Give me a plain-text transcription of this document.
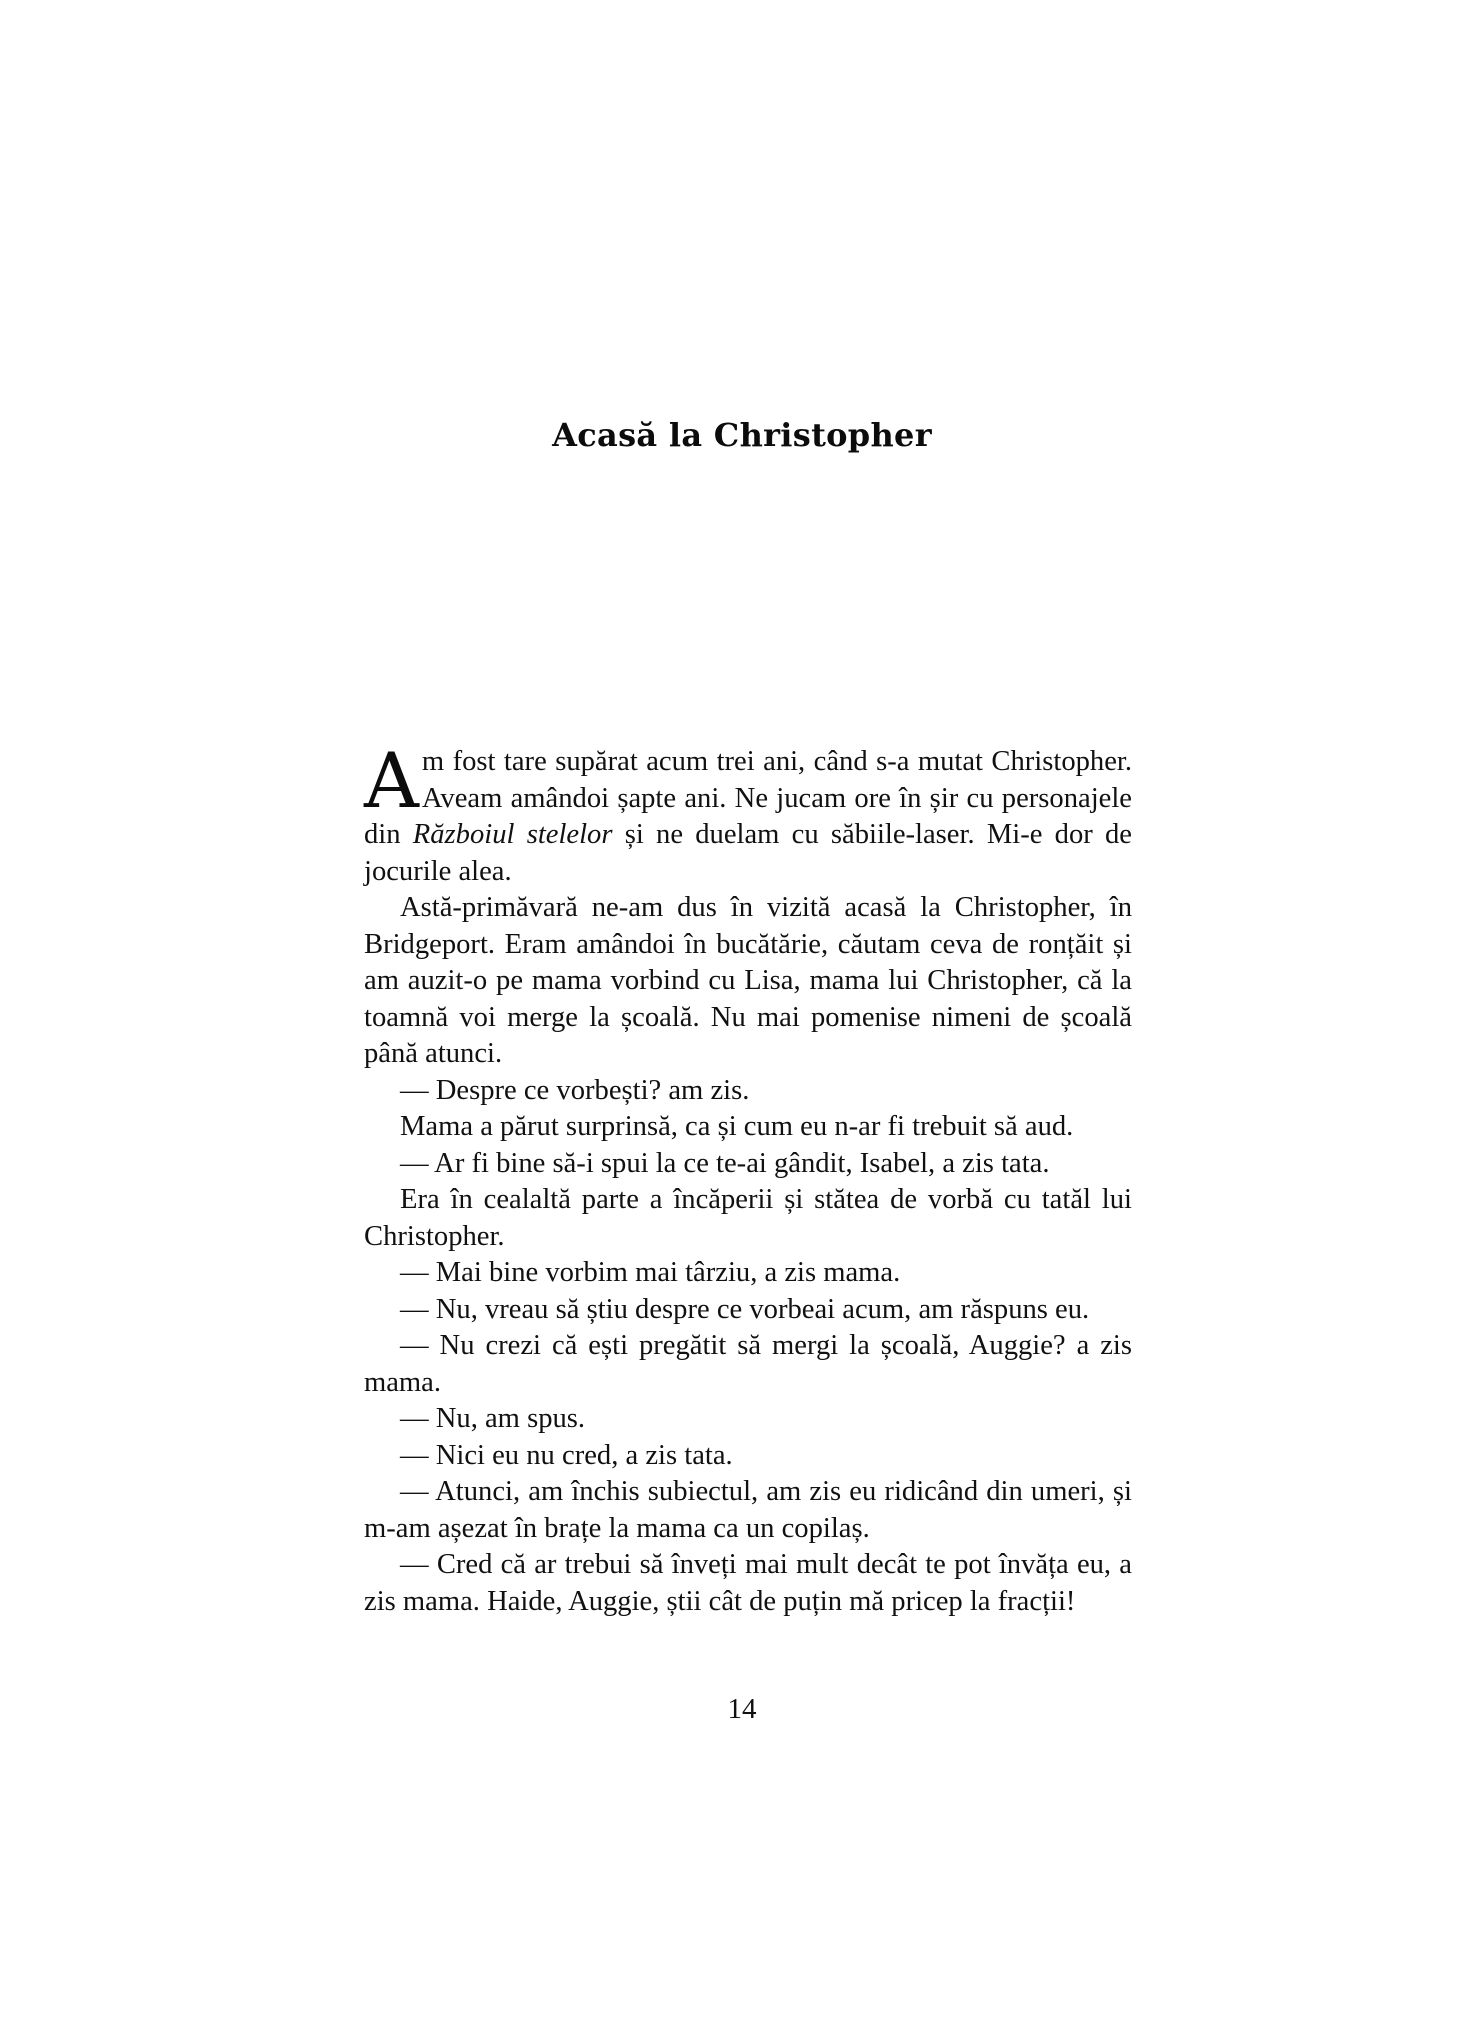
Acasă la Christopher

Am fost tare supărat acum trei ani, când s-a mutat Christopher. Aveam amândoi șapte ani. Ne jucam ore în șir cu personajele din Războiul stelelor și ne duelam cu săbiile-laser. Mi-e dor de jocurile alea.

Astă-primăvară ne-am dus în vizită acasă la Christopher, în Bridgeport. Eram amândoi în bucătărie, căutam ceva de ronțăit și am auzit-o pe mama vorbind cu Lisa, mama lui Christopher, că la toamnă voi merge la școală. Nu mai pomenise nimeni de școală până atunci.

— Despre ce vorbești? am zis.

Mama a părut surprinsă, ca și cum eu n-ar fi trebuit să aud.

— Ar fi bine să-i spui la ce te-ai gândit, Isabel, a zis tata.

Era în cealaltă parte a încăperii și stătea de vorbă cu tatăl lui Christopher.

— Mai bine vorbim mai târziu, a zis mama.

— Nu, vreau să știu despre ce vorbeai acum, am răspuns eu.

— Nu crezi că ești pregătit să mergi la școală, Auggie? a zis mama.

— Nu, am spus.

— Nici eu nu cred, a zis tata.

— Atunci, am închis subiectul, am zis eu ridicând din umeri, și m-am așezat în brațe la mama ca un copilaș.

— Cred că ar trebui să înveți mai mult decât te pot învăța eu, a zis mama. Haide, Auggie, știi cât de puțin mă pricep la fracții!

14
